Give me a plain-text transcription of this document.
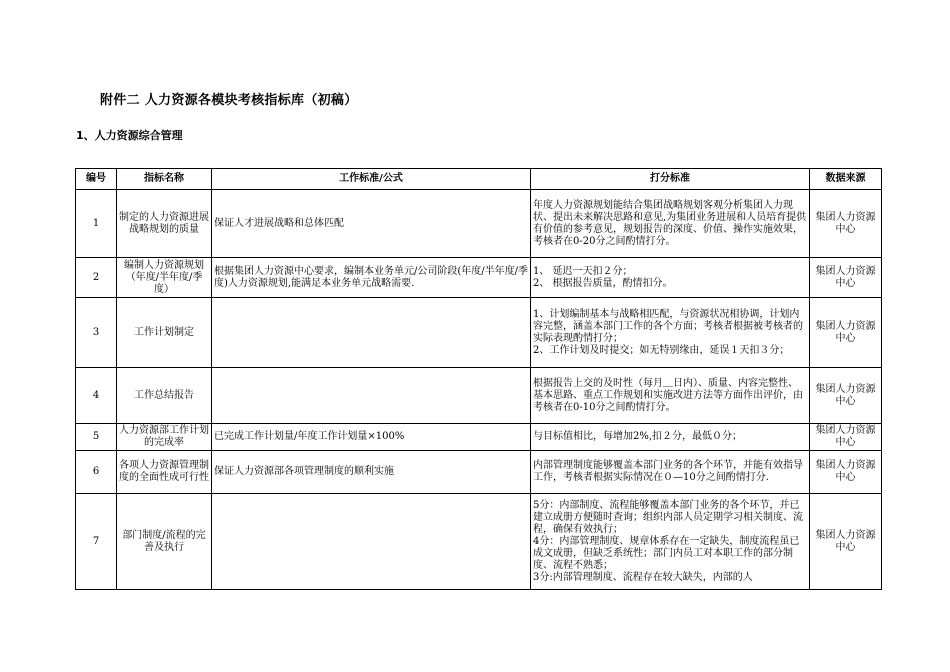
附件二 人力资源各模块考核指标库（初稿）
1、人力资源综合管理
编号	指标名称	工作标准/公式	打分标准	数据来源
1	制定的人力资源进展战略规划的质量	保证人才进展战略和总体匹配	年度人力资源规划能结合集团战略规划客观分析集团人力现状、提出未来解决思路和意见,为集团业务进展和人员培育提供有价值的参考意见，规划报告的深度、价值、操作实施效果，考核者在0-20分之间酌情打分。	集团人力资源中心
2	编制人力资源规划（年度/半年度/季度）	根据集团人力资源中心要求，编制本业务单元/公司阶段(年度/半年度/季度)人力资源规划,能满足本业务单元战略需要.	1、 延迟一天扣２分；
2、 根据报告质量，酌情扣分。	集团人力资源中心
3	工作计划制定		1、计划编制基本与战略相匹配，与资源状况相协调，计划内容完整，涵盖本部门工作的各个方面；考核者根据被考核者的实际表现酌情打分；
2、工作计划及时提交；如无特别缘由，延误１天扣３分；	集团人力资源中心
4	工作总结报告		根据报告上交的及时性（每月＿日内）、质量、内容完整性、基本思路、重点工作规划和实施改进方法等方面作出评价，由考核者在0-10分之间酌情打分。	集团人力资源中心
5	人力资源部工作计划的完成率	已完成工作计划量/年度工作计划量×100%	与目标值相比，每增加2%,扣２分，最低０分；	集团人力资源中心
6	各项人力资源管理制度的全面性成可行性	保证人力资源部各项管理制度的顺利实施	内部管理制度能够覆盖本部门业务的各个环节，并能有效指导工作，考核者根据实际情况在０—10分之间酌情打分.	集团人力资源中心
7	部门制度/流程的完善及执行		5分：内部制度、流程能够覆盖本部门业务的各个环节，并已建立成册方便随时查询；组织内部人员定期学习相关制度、流程，确保有效执行；
4分：内部管理制度、规章体系存在一定缺失，制度流程虽已成文成册，但缺乏系统性；部门内员工对本职工作的部分制度、流程不熟悉；
3分:内部管理制度、流程存在较大缺失，内部的人	集团人力资源中心
